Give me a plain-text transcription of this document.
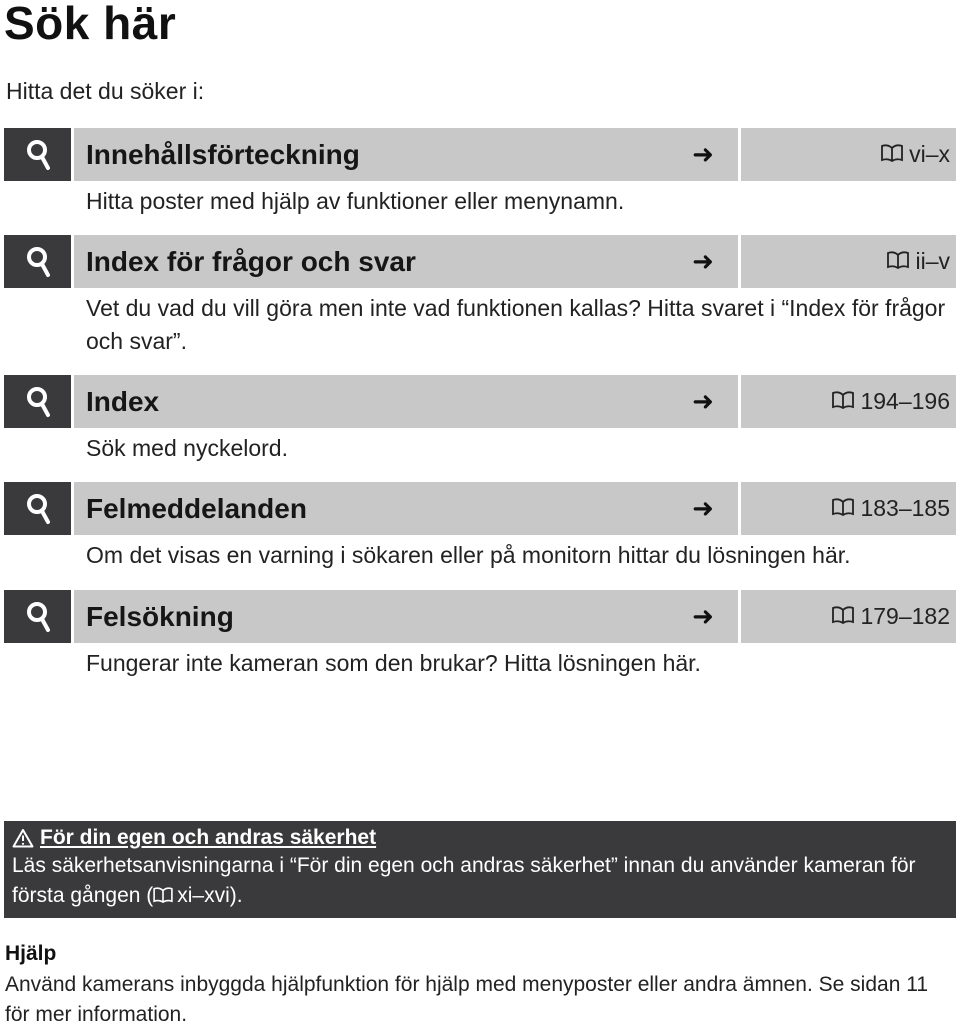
Sök här
Hitta det du söker i:
Innehållsförteckning	➜	vi–x
Hitta poster med hjälp av funktioner eller menynamn.
Index för frågor och svar	➜	ii–v
Vet du vad du vill göra men inte vad funktionen kallas? Hitta svaret i “Index för frågor och svar”.
Index	➜	194–196
Sök med nyckelord.
Felmeddelanden	➜	183–185
Om det visas en varning i sökaren eller på monitorn hittar du lösningen här.
Felsökning	➜	179–182
Fungerar inte kameran som den brukar? Hitta lösningen här.
För din egen och andras säkerhet
Läs säkerhetsanvisningarna i “För din egen och andras säkerhet” innan du använder kameran för första gången ( xi–xvi).
Hjälp
Använd kamerans inbyggda hjälpfunktion för hjälp med menyposter eller andra ämnen. Se sidan 11 för mer information.
